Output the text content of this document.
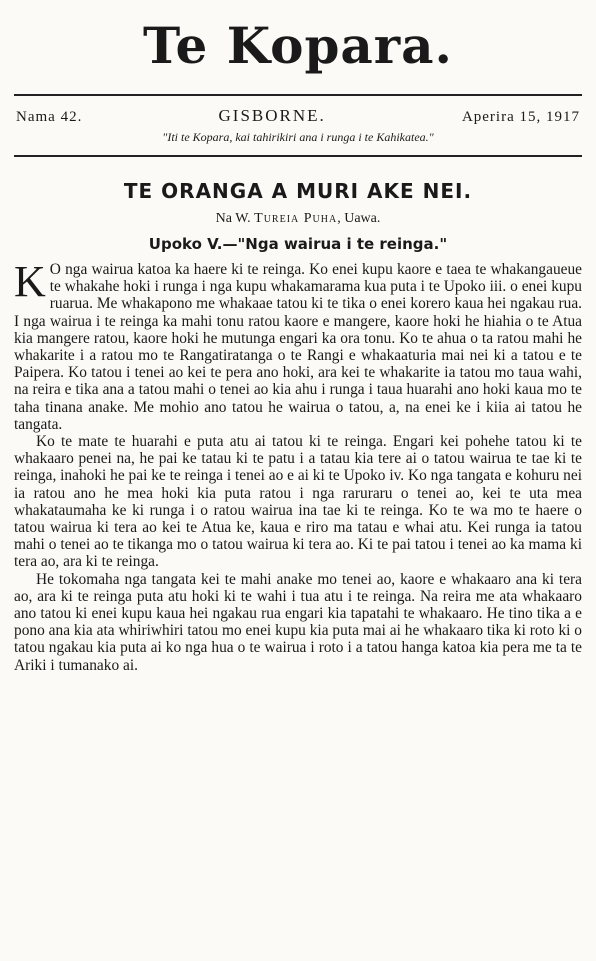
Te Kopara.
Nama 42.	GISBORNE.	Aperira 15, 1917
"Iti te Kopara, kai tahirikiri ana i runga i te Kahikatea."
TE ORANGA A MURI AKE NEI.
Na W. Tureia Puha, Uawa.
Upoko V.—"Nga wairua i te reinga."

K O nga wairua katoa ka haere ki te reinga. Ko enei kupu kaore e taea te whakangaueue te whakahe hoki i runga i nga kupu whakamarama kua puta i te Upoko iii. o enei kupu ruarua. Me whakapono me whakaae tatou ki te tika o enei korero kaua hei ngakau rua. I nga wairua i te reinga ka mahi tonu ratou kaore e mangere, kaore hoki he hiahia o te Atua kia mangere ratou, kaore hoki he mutunga engari ka ora tonu. Ko te ahua o ta ratou mahi he whakarite i a ratou mo te Rangatiratanga o te Rangi e whakaaturia mai nei ki a tatou e te Paipera. Ko tatou i tenei ao kei te pera ano hoki, ara kei te whakarite ia tatou mo taua wahi, na reira e tika ana a tatou mahi o tenei ao kia ahu i runga i taua huarahi ano hoki kaua mo te taha tinana anake. Me mohio ano tatou he wairua o tatou, a, na enei ke i kiia ai tatou he tangata.

Ko te mate te huarahi e puta atu ai tatou ki te reinga. Engari kei pohehe tatou ki te whakaaro penei na, he pai ke tatau ki te patu i a tatau kia tere ai o tatou wairua te tae ki te reinga, inahoki he pai ke te reinga i tenei ao e ai ki te Upoko iv. Ko nga tangata e kohuru nei ia ratou ano he mea hoki kia puta ratou i nga raruraru o tenei ao, kei te uta mea whakataumaha ke ki runga i o ratou wairua ina tae ki te reinga. Ko te wa mo te haere o tatou wairua ki tera ao kei te Atua ke, kaua e riro ma tatau e whai atu. Kei runga ia tatou mahi o tenei ao te tikanga mo o tatou wairua ki tera ao. Ki te pai tatou i tenei ao ka mama ki tera ao, ara ki te reinga.

He tokomaha nga tangata kei te mahi anake mo tenei ao, kaore e whakaaro ana ki tera ao, ara ki te reinga puta atu hoki ki te wahi i tua atu i te reinga. Na reira me ata whakaaro ano tatou ki enei kupu kaua hei ngakau rua engari kia tapatahi te whakaaro. He tino tika a e pono ana kia ata whiriwhiri tatou mo enei kupu kia puta mai ai he whakaaro tika ki roto ki o tatou ngakau kia puta ai ko nga hua o te wairua i roto i a tatou hanga katoa kia pera me ta te Ariki i tumanako ai.
